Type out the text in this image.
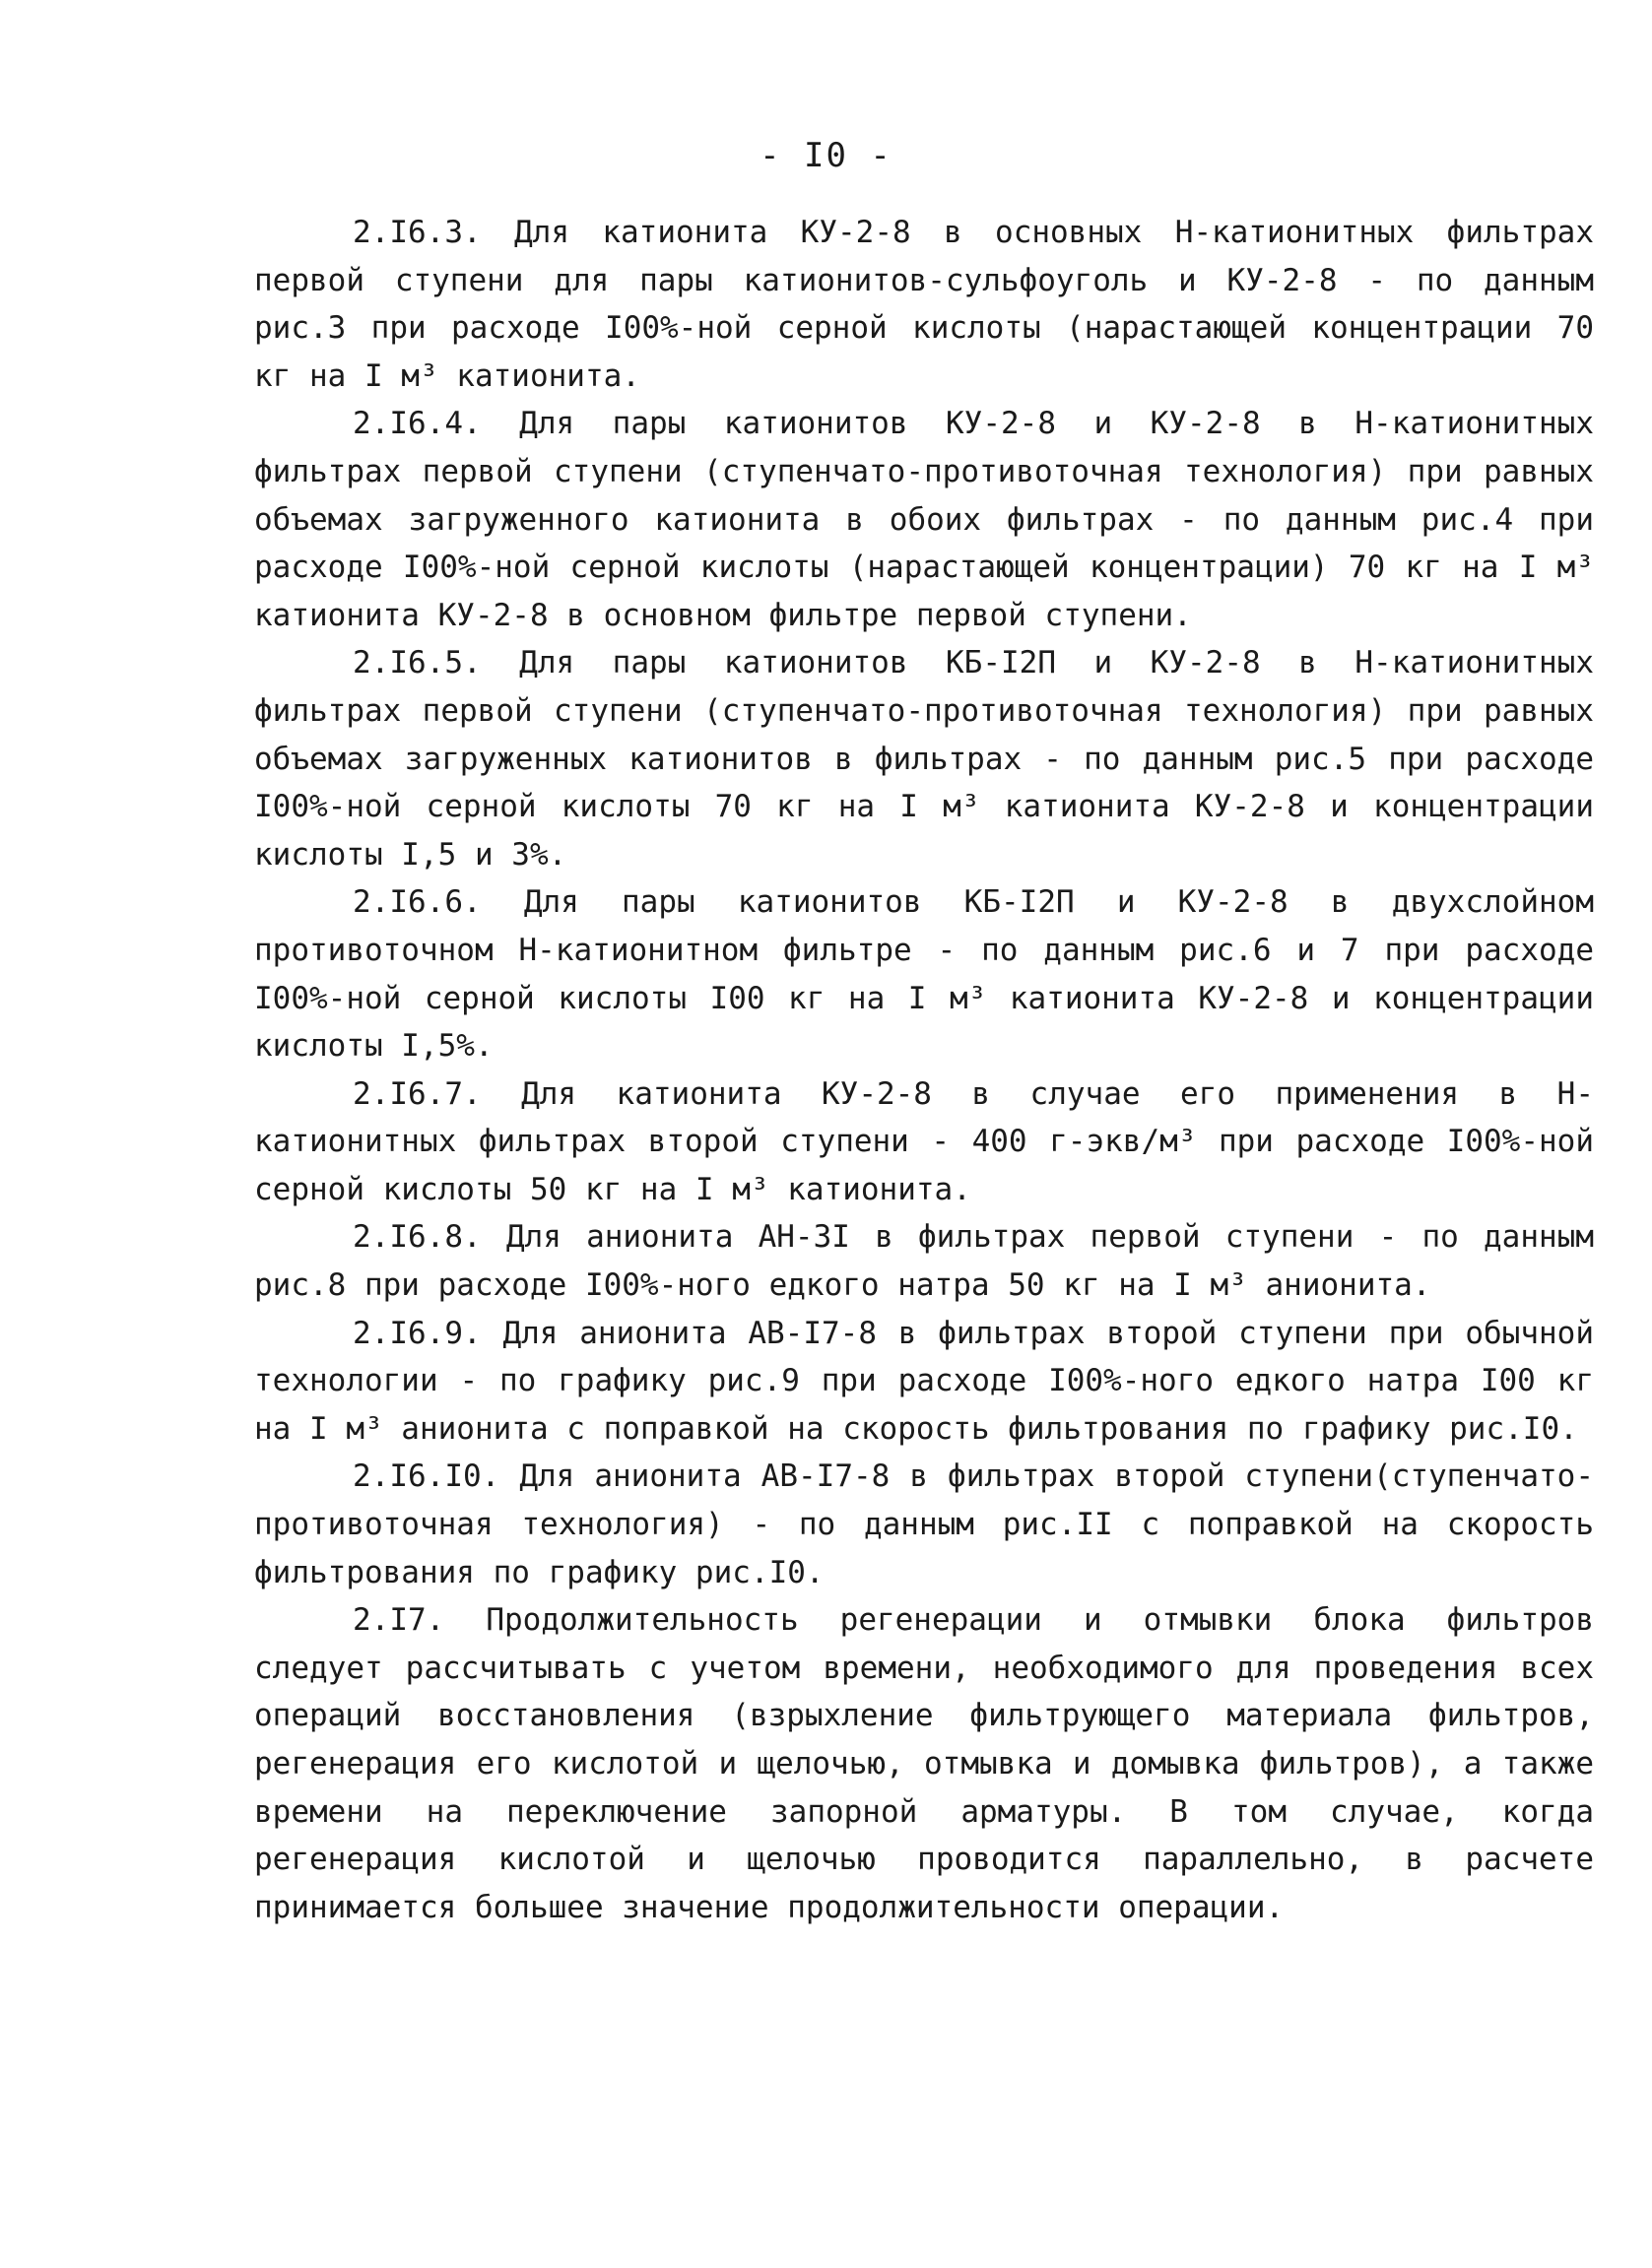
- I0 -

2.I6.3. Для катионита КУ-2-8 в основных Н-катионитных фильтрах первой ступени для пары катионитов-сульфоуголь и КУ-2-8 - по данным рис.3 при расходе I00%-ной серной кислоты (нарастающей концентрации 70 кг на I м³ катионита.

2.I6.4. Для пары катионитов КУ-2-8 и КУ-2-8 в Н-катионитных фильтрах первой ступени (ступенчато-противоточная технология) при равных объемах загруженного катионита в обоих фильтрах - по данным рис.4 при расходе I00%-ной серной кислоты (нарастающей концентрации) 70 кг на I м³ катионита КУ-2-8 в основном фильтре первой ступени.

2.I6.5. Для пары катионитов КБ-I2П и КУ-2-8 в Н-катионитных фильтрах первой ступени (ступенчато-противоточная технология) при равных объемах загруженных катионитов в фильтрах - по данным рис.5 при расходе I00%-ной серной кислоты 70 кг на I м³ катионита КУ-2-8 и концентрации кислоты I,5 и 3%.

2.I6.6. Для пары катионитов КБ-I2П и КУ-2-8 в двухслойном противоточном Н-катионитном фильтре - по данным рис.6 и 7 при расходе I00%-ной серной кислоты I00 кг на I м³ катионита КУ-2-8 и концентрации кислоты I,5%.

2.I6.7. Для катионита КУ-2-8 в случае его применения в Н-катионитных фильтрах второй ступени - 400 г-экв/м³ при расходе I00%-ной серной кислоты 50 кг на I м³ катионита.

2.I6.8. Для анионита АН-3I в фильтрах первой ступени - по данным рис.8 при расходе I00%-ного едкого натра 50 кг на I м³ анионита.

2.I6.9. Для анионита АВ-I7-8 в фильтрах второй ступени при обычной технологии - по графику рис.9 при расходе I00%-ного едкого натра I00 кг на I м³ анионита с поправкой на скорость фильтрования по графику рис.I0.

2.I6.I0. Для анионита АВ-I7-8 в фильтрах второй ступени(ступенчато-противоточная технология) - по данным рис.II с поправкой на скорость фильтрования по графику рис.I0.

2.I7. Продолжительность регенерации и отмывки блока фильтров следует рассчитывать с учетом времени, необходимого для проведения всех операций восстановления (взрыхление фильтрующего материала фильтров, регенерация его кислотой и щелочью, отмывка и домывка фильтров), а также времени на переключение запорной арматуры. В том случае, когда регенерация кислотой и щелочью проводится параллельно, в расчете принимается большее значение продолжительности операции.
